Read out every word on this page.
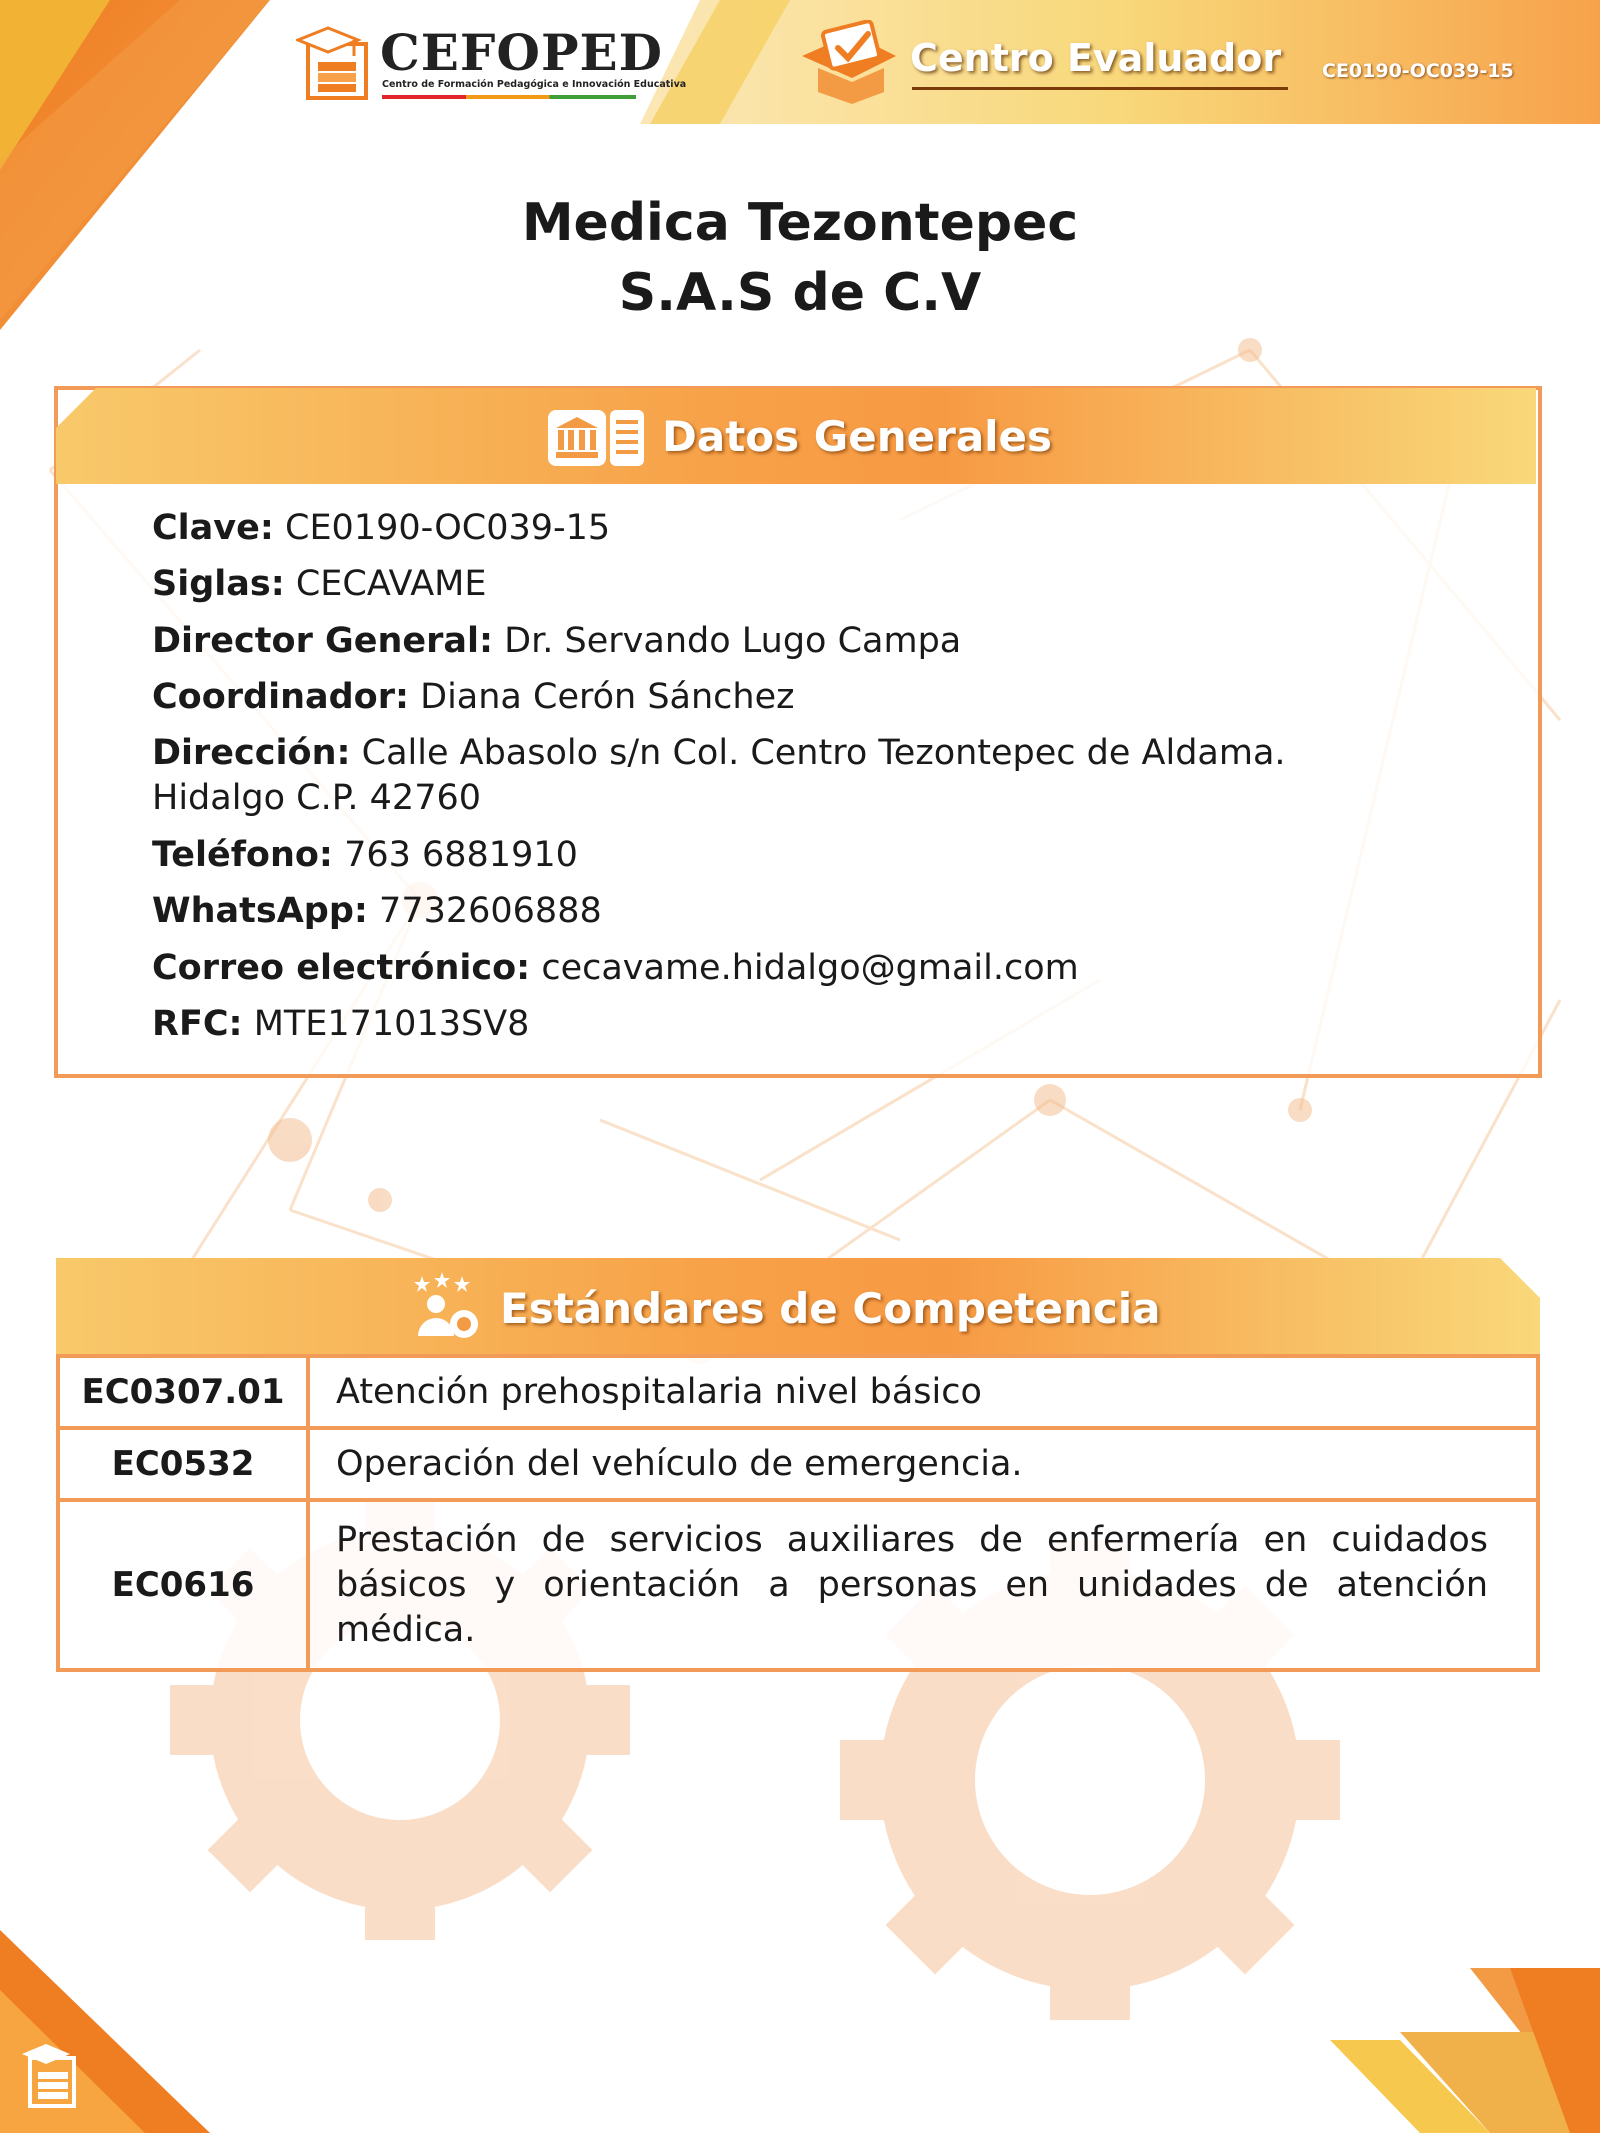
CEFOPED
Centro de Formación Pedagógica e Innovación Educativa
Centro Evaluador CE0190-OC039-15
Medica Tezontepec
S.A.S de C.V
Datos Generales
Clave: CE0190-OC039-15
Siglas: CECAVAME
Director General: Dr. Servando Lugo Campa
Coordinador: Diana Cerón Sánchez
Dirección: Calle Abasolo s/n Col. Centro Tezontepec de Aldama.
Hidalgo C.P. 42760
Teléfono: 763 6881910
WhatsApp: 7732606888
Correo electrónico: cecavame.hidalgo@gmail.com
RFC: MTE171013SV8
Estándares de Competencia
EC0307.01	Atención prehospitalaria nivel básico
EC0532	Operación del vehículo de emergencia.
EC0616	Prestación de servicios auxiliares de enfermería en cuidados básicos y orientación a personas en unidades de atención médica.
